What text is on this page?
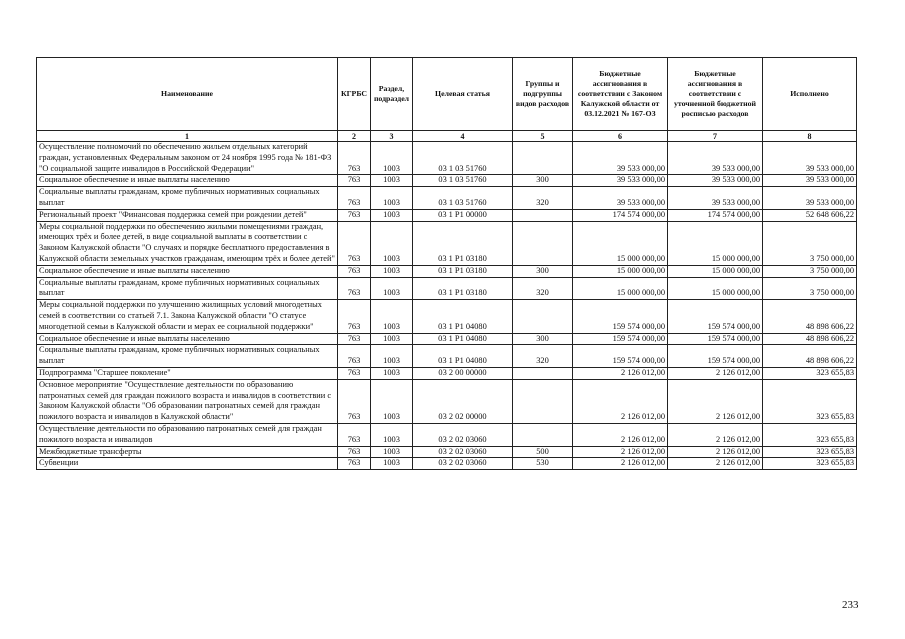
Наименование	КГРБС	Раздел, подраздел	Целевая статья	Группы и подгруппы видов расходов	Бюджетные ассигнования в соответствии с Законом Калужской области от 03.12.2021 № 167-ОЗ	Бюджетные ассигнования в соответствии с уточненной бюджетной росписью расходов	Исполнено
1	2	3	4	5	6	7	8
Осуществление полномочий по обеспечению жильем отдельных категорий граждан, установленных Федеральным законом от 24 ноября 1995 года № 181-ФЗ "О социальной защите инвалидов в Российской Федерации"	763	1003	03 1 03 51760		39 533 000,00	39 533 000,00	39 533 000,00
Социальное обеспечение и иные выплаты населению	763	1003	03 1 03 51760	300	39 533 000,00	39 533 000,00	39 533 000,00
Социальные выплаты гражданам, кроме публичных нормативных социальных выплат	763	1003	03 1 03 51760	320	39 533 000,00	39 533 000,00	39 533 000,00
Региональный проект "Финансовая поддержка семей при рождении детей"	763	1003	03 1 P1 00000		174 574 000,00	174 574 000,00	52 648 606,22
Меры социальной поддержки по обеспечению жилыми помещениями граждан, имеющих трёх и более детей, в виде социальной выплаты в соответствии с Законом Калужской области "О случаях и порядке бесплатного предоставления в Калужской области земельных участков гражданам, имеющим трёх и более детей"	763	1003	03 1 P1 03180		15 000 000,00	15 000 000,00	3 750 000,00
Социальное обеспечение и иные выплаты населению	763	1003	03 1 P1 03180	300	15 000 000,00	15 000 000,00	3 750 000,00
Социальные выплаты гражданам, кроме публичных нормативных социальных выплат	763	1003	03 1 P1 03180	320	15 000 000,00	15 000 000,00	3 750 000,00
Меры социальной поддержки по улучшению жилищных условий многодетных семей в соответствии со статьей 7.1. Закона Калужской области "О статусе многодетной семьи в Калужской области и мерах ее социальной поддержки"	763	1003	03 1 P1 04080		159 574 000,00	159 574 000,00	48 898 606,22
Социальное обеспечение и иные выплаты населению	763	1003	03 1 P1 04080	300	159 574 000,00	159 574 000,00	48 898 606,22
Социальные выплаты гражданам, кроме публичных нормативных социальных выплат	763	1003	03 1 P1 04080	320	159 574 000,00	159 574 000,00	48 898 606,22
Подпрограмма "Старшее поколение"	763	1003	03 2 00 00000		2 126 012,00	2 126 012,00	323 655,83
Основное мероприятие "Осуществление деятельности по образованию патронатных семей для граждан пожилого возраста и инвалидов в соответствии с Законом Калужской области "Об образовании патронатных семей для граждан пожилого возраста и инвалидов в Калужской области"	763	1003	03 2 02 00000		2 126 012,00	2 126 012,00	323 655,83
Осуществление деятельности по образованию патронатных семей для граждан пожилого возраста и инвалидов	763	1003	03 2 02 03060		2 126 012,00	2 126 012,00	323 655,83
Межбюджетные трансферты	763	1003	03 2 02 03060	500	2 126 012,00	2 126 012,00	323 655,83
Субвенции	763	1003	03 2 02 03060	530	2 126 012,00	2 126 012,00	323 655,83
233
